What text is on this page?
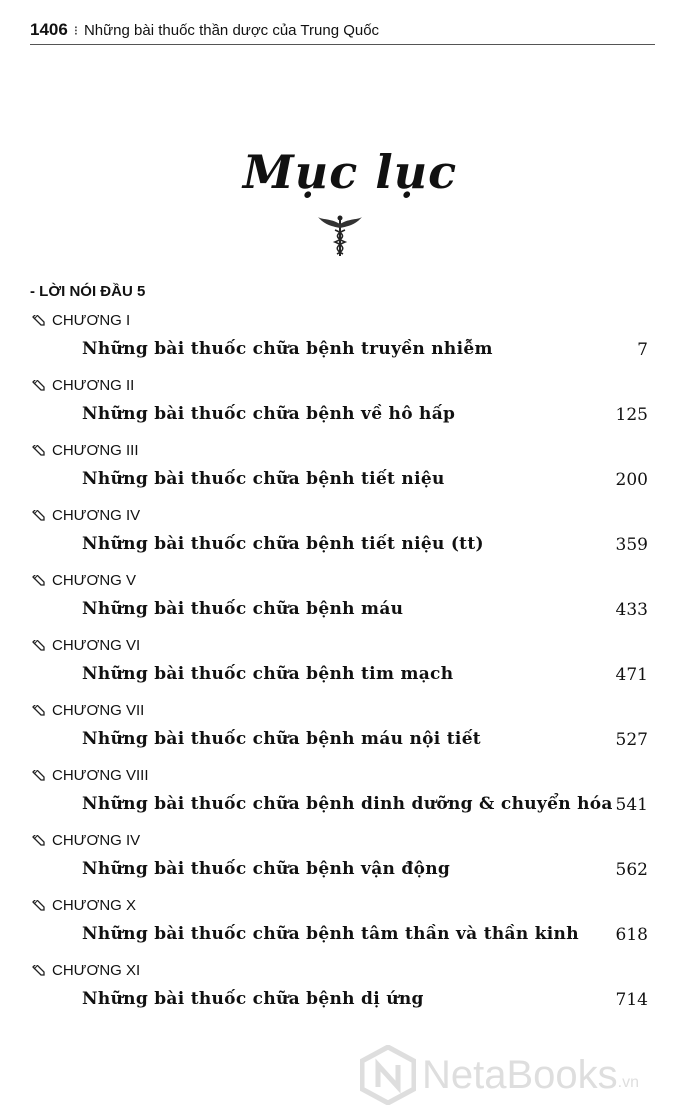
1406 ⁝ Những bài thuốc thần dược của Trung Quốc
Mục lục
- LỜI NÓI ĐẦU 5
CHƯƠNG I
Những bài thuốc chữa bệnh truyền nhiễm	7
CHƯƠNG II
Những bài thuốc chữa bệnh về hô hấp	125
CHƯƠNG III
Những bài thuốc chữa bệnh tiết niệu	200
CHƯƠNG IV
Những bài thuốc chữa bệnh tiết niệu (tt)	359
CHƯƠNG V
Những bài thuốc chữa bệnh máu	433
CHƯƠNG VI
Những bài thuốc chữa bệnh tim mạch	471
CHƯƠNG VII
Những bài thuốc chữa bệnh máu nội tiết	527
CHƯƠNG VIII
Những bài thuốc chữa bệnh dinh dưỡng & chuyển hóa 541
CHƯƠNG IV
Những bài thuốc chữa bệnh vận động	562
CHƯƠNG X
Những bài thuốc chữa bệnh tâm thần và thần kinh 618
CHƯƠNG XI
Những bài thuốc chữa bệnh dị ứng	714
NetaBooks .vn
